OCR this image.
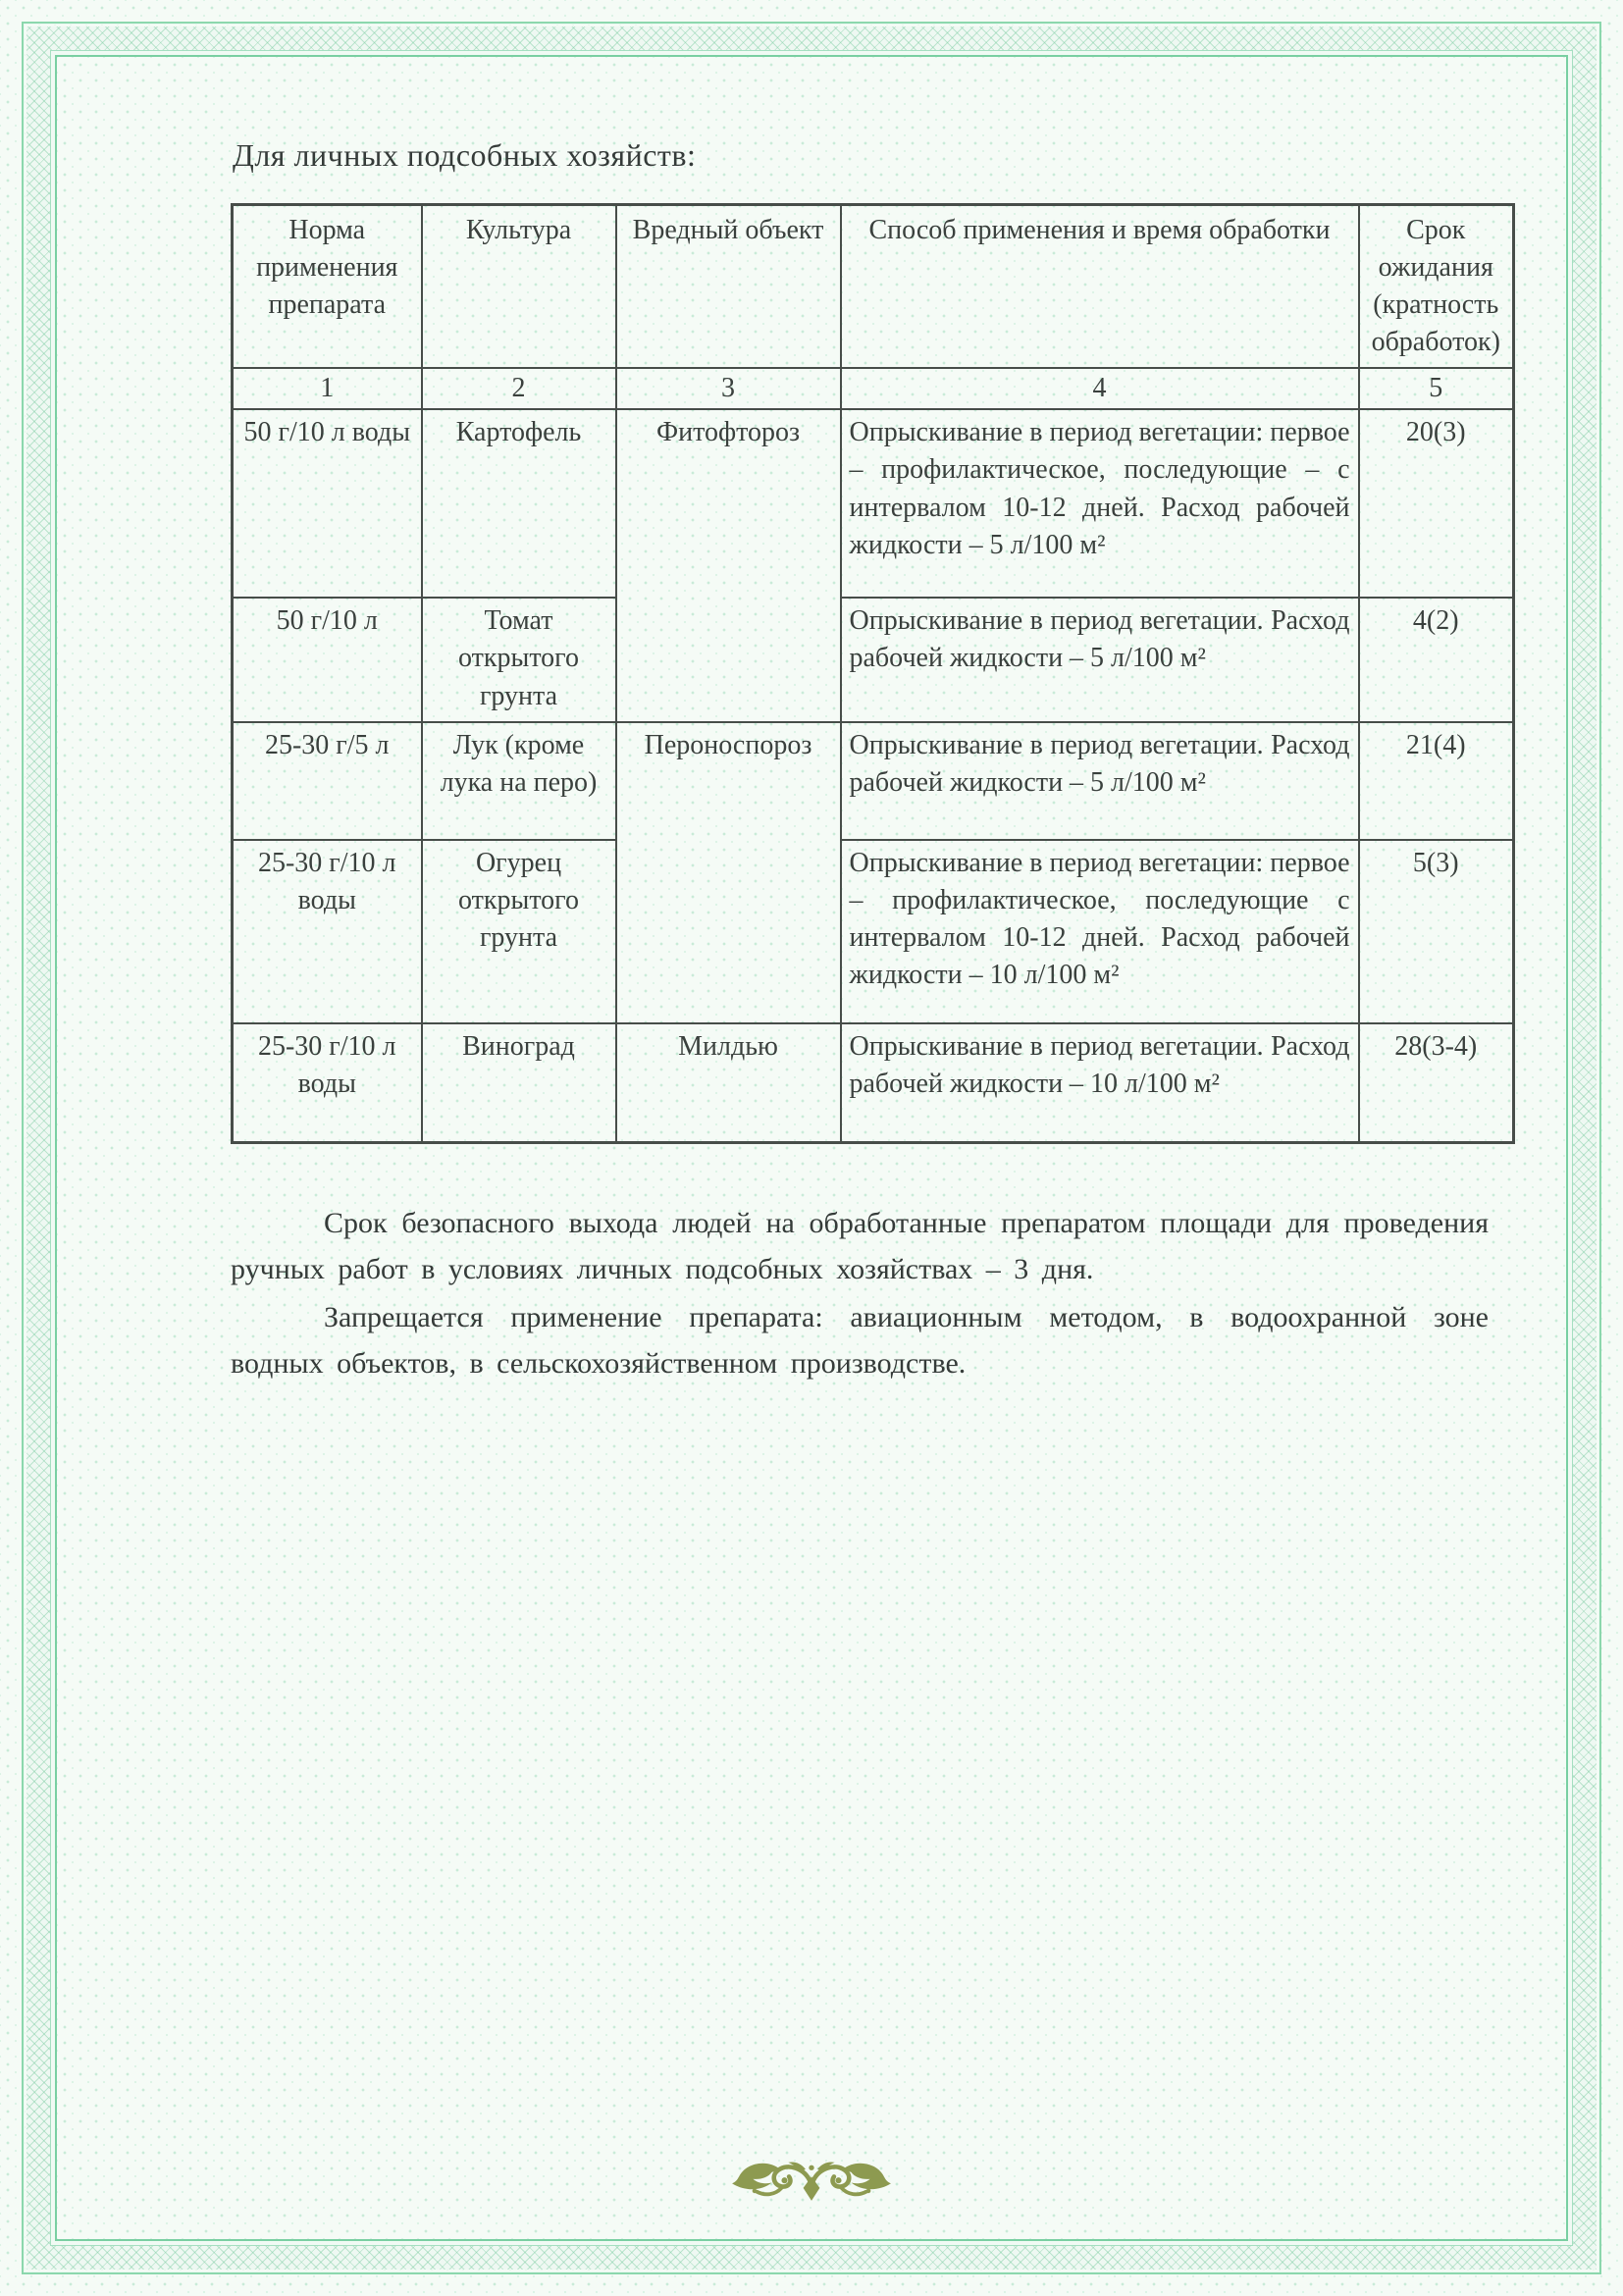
Для личных подсобных хозяйств:

Норма применения препарата	Культура	Вредный объект	Способ применения и время обработки	Срок ожидания (кратность обработок)
1	2	3	4	5
50 г/10 л воды	Картофель	Фитофтороз	Опрыскивание в период вегетации: первое – профилактическое, последующие – с интервалом 10-12 дней. Расход рабочей жидкости – 5 л/100 м²	20(3)
50 г/10 л	Томат открытого грунта		Опрыскивание в период вегетации. Расход рабочей жидкости – 5 л/100 м²	4(2)
25-30 г/5 л	Лук (кроме лука на перо)	Пероноспороз	Опрыскивание в период вегетации. Расход рабочей жидкости – 5 л/100 м²	21(4)
25-30 г/10 л воды	Огурец открытого грунта		Опрыскивание в период вегетации: первое – профилактическое, последующие с интервалом 10-12 дней. Расход рабочей жидкости – 10 л/100 м²	5(3)
25-30 г/10 л воды	Виноград	Милдью	Опрыскивание в период вегетации. Расход рабочей жидкости – 10 л/100 м²	28(3-4)

Срок безопасного выхода людей на обработанные препаратом площади для проведения ручных работ в условиях личных подсобных хозяйствах – 3 дня.

Запрещается применение препарата: авиационным методом, в водоохранной зоне водных объектов, в сельскохозяйственном производстве.
